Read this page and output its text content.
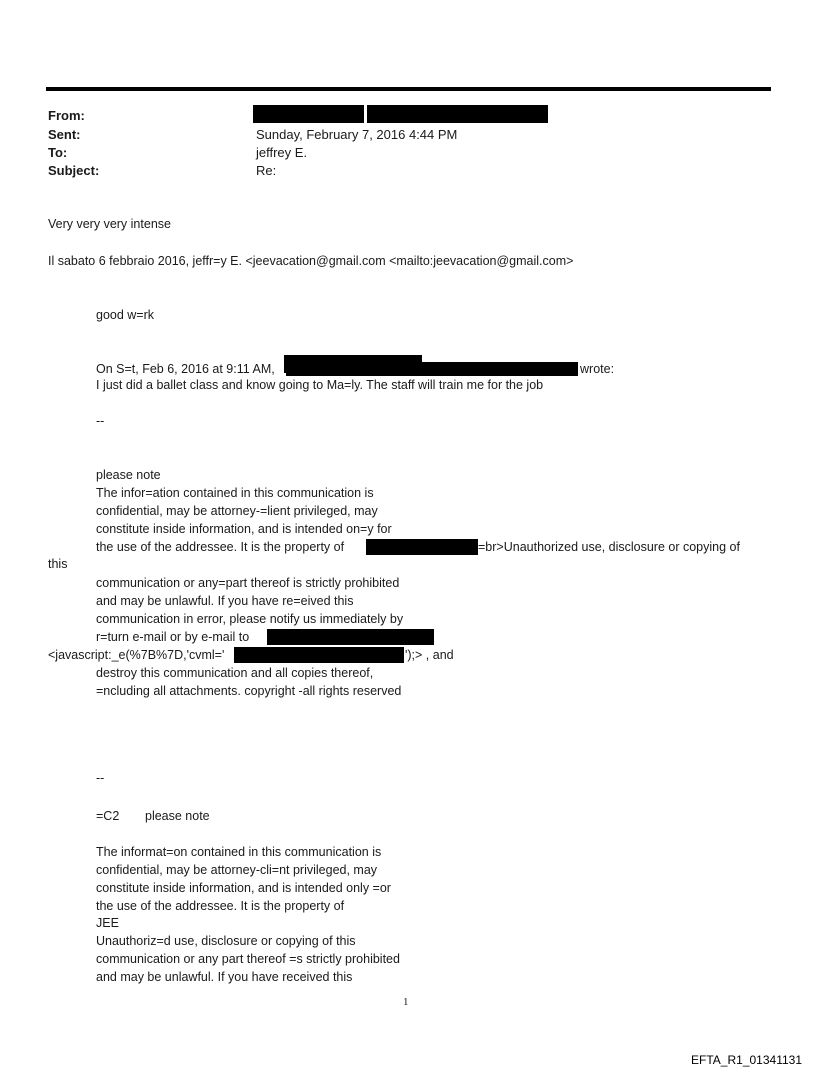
From:
Sent:	Sunday, February 7, 2016 4:44 PM
To:	jeffrey E.
Subject:	Re:
Very very very intense
Il sabato 6 febbraio 2016, jeffr=y E. <jeevacation@gmail.com <mailto:jeevacation@gmail.com>
good w=rk
On S=t, Feb 6, 2016 at 9:11 AM,	wrote:
I just did a ballet class and know going to Ma=ly. The staff will train me for the job
--
please note
The infor=ation contained in this communication is
confidential, may be attorney-=lient privileged, may
constitute inside information, and is intended on=y for
the use of the addressee. It is the property of	=br>Unauthorized use, disclosure or copying of
this
communication or any=part thereof is strictly prohibited
and may be unlawful. If you have re=eived this
communication in error, please notify us immediately by
r=turn e-mail or by e-mail to
<javascript:_e(%7B%7D,'cvml='	');> , and
destroy this communication and all copies thereof,
=ncluding all attachments. copyright -all rights reserved
--
=C2 please note
The informat=on contained in this communication is
confidential, may be attorney-cli=nt privileged, may
constitute inside information, and is intended only =or
the use of the addressee. It is the property of
JEE
Unauthoriz=d use, disclosure or copying of this
communication or any part thereof =s strictly prohibited
and may be unlawful. If you have received this
1
EFTA_R1_01341131
